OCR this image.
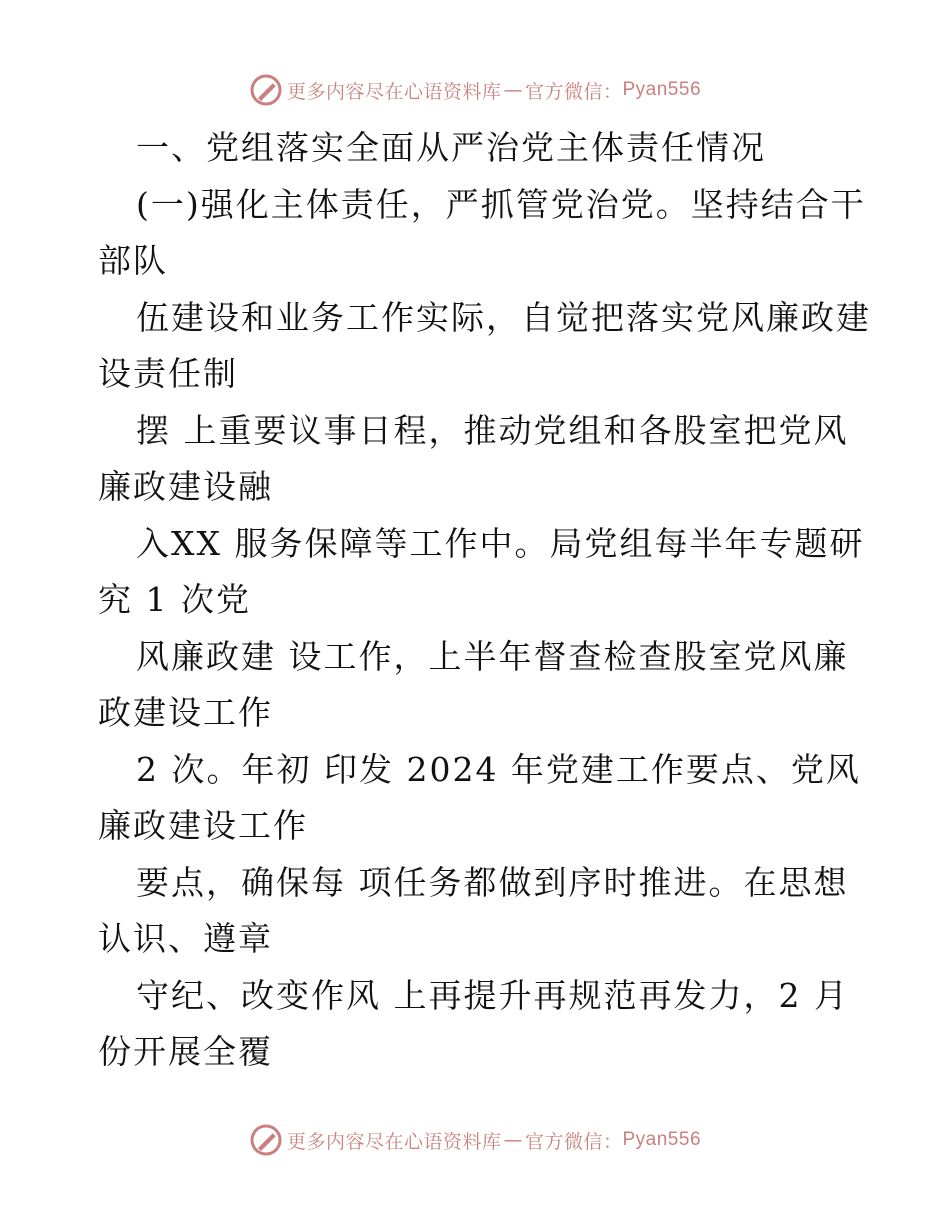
更多内容尽在心语资料库 — 官方微信： Pyan556
一、党组落实全面从严治党主体责任情况
(一)强化主体责任，严抓管党治党。坚持结合干
部队
伍建设和业务工作实际，自觉把落实党风廉政建
设责任制
摆 上重要议事日程，推动党组和各股室把党风
廉政建设融
入XX 服务保障等工作中。局党组每半年专题研
究 1 次党
风廉政建 设工作，上半年督查检查股室党风廉
政建设工作
2 次。年初 印发 2024 年党建工作要点、党风
廉政建设工作
要点，确保每 项任务都做到序时推进。在思想
认识、遵章
守纪、改变作风 上再提升再规范再发力，2 月
份开展全覆
更多内容尽在心语资料库 — 官方微信： Pyan556
